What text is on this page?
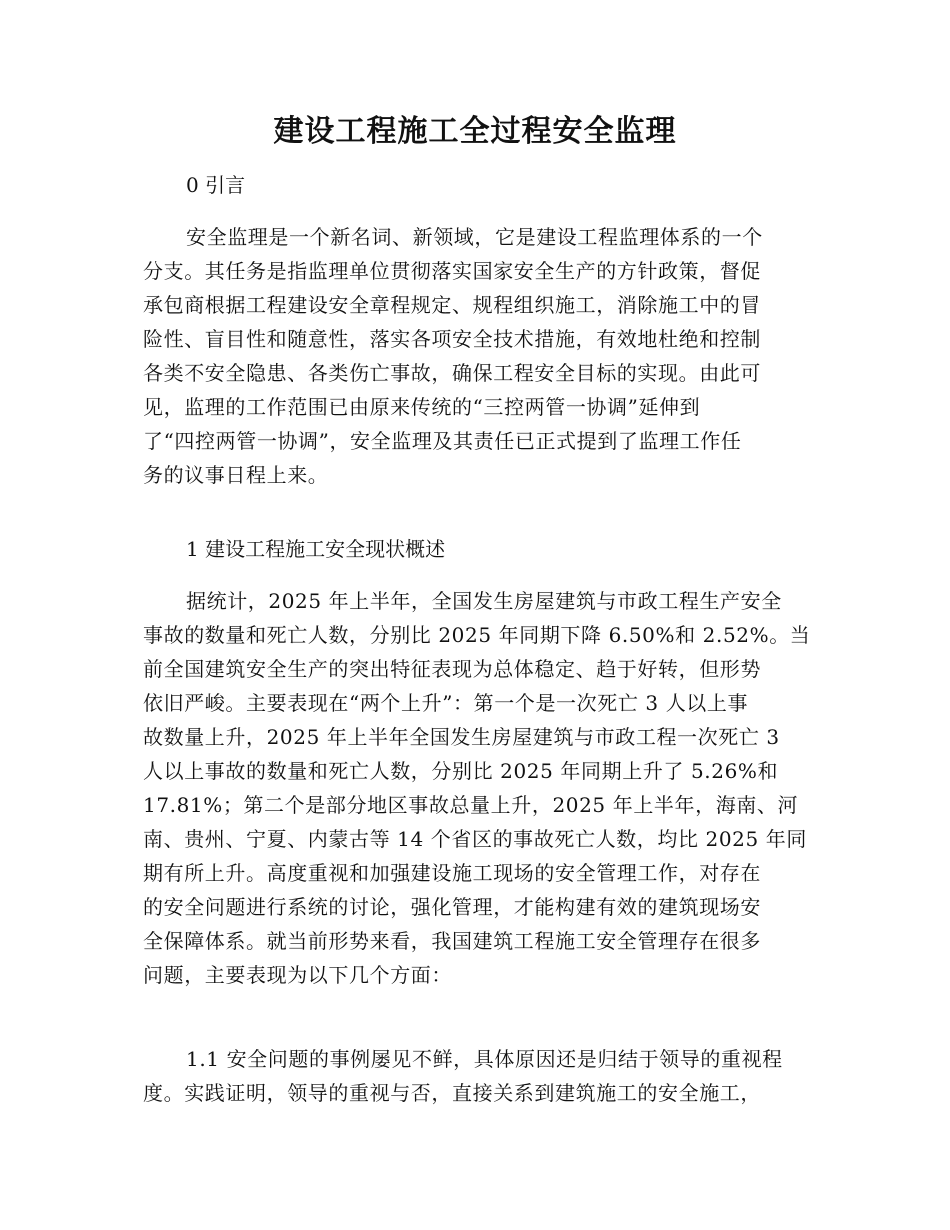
建设工程施工全过程安全监理
0 引言
安全监理是一个新名词、新领域，它是建设工程监理体系的一个
分支。其任务是指监理单位贯彻落实国家安全生产的方针政策，督促
承包商根据工程建设安全章程规定、规程组织施工，消除施工中的冒
险性、盲目性和随意性，落实各项安全技术措施，有效地杜绝和控制
各类不安全隐患、各类伤亡事故，确保工程安全目标的实现。由此可
见，监理的工作范围已由原来传统的“三控两管一协调”延伸到
了“四控两管一协调”，安全监理及其责任已正式提到了监理工作任
务的议事日程上来。
1 建设工程施工安全现状概述
据统计，2025 年上半年，全国发生房屋建筑与市政工程生产安全
事故的数量和死亡人数，分别比 2025 年同期下降 6.50%和 2.52%。当
前全国建筑安全生产的突出特征表现为总体稳定、趋于好转，但形势
依旧严峻。主要表现在“两个上升”：第一个是一次死亡 3 人以上事
故数量上升，2025 年上半年全国发生房屋建筑与市政工程一次死亡 3
人以上事故的数量和死亡人数，分别比 2025 年同期上升了 5.26%和
17.81%；第二个是部分地区事故总量上升，2025 年上半年，海南、河
南、贵州、宁夏、内蒙古等 14 个省区的事故死亡人数，均比 2025 年同
期有所上升。高度重视和加强建设施工现场的安全管理工作，对存在
的安全问题进行系统的讨论，强化管理，才能构建有效的建筑现场安
全保障体系。就当前形势来看，我国建筑工程施工安全管理存在很多
问题，主要表现为以下几个方面：
1.1 安全问题的事例屡见不鲜，具体原因还是归结于领导的重视程
度。实践证明，领导的重视与否，直接关系到建筑施工的安全施工，
